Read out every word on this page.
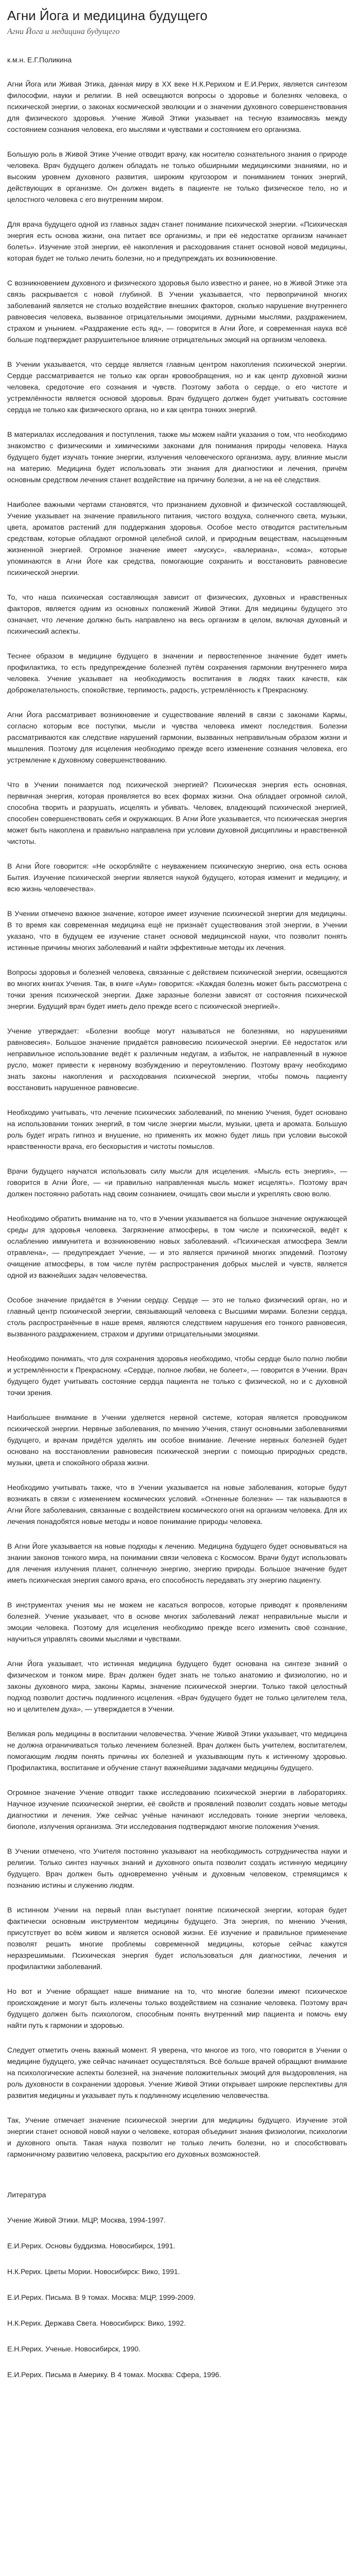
Агни Йога и медицина будущего
Агни Йога и медицина будущего
к.м.н. Е.Г.Поликина

Агни Йога или Живая Этика, данная миру в ХХ веке Н.К.Рерихом и Е.И.Рерих, является синтезом философии, науки и религии. В ней освещаются вопросы о здоровье и болезнях человека, о психической энергии, о законах космической эволюции и о значении духовного совершенствования для физического здоровья. Учение Живой Этики указывает на тесную взаимосвязь между состоянием сознания человека, его мыслями и чувствами и состоянием его организма.

Большую роль в Живой Этике Учение отводит врачу, как носителю сознательного знания о природе человека. Врач будущего должен обладать не только обширными медицинскими знаниями, но и высоким уровнем духовного развития, широким кругозором и пониманием тонких энергий, действующих в организме. Он должен видеть в пациенте не только физическое тело, но и целостного человека с его внутренним миром.

Для врача будущего одной из главных задач станет понимание психической энергии. «Психическая энергия есть основа жизни, она питает все организмы, и при её недостатке организм начинает болеть». Изучение этой энергии, её накопления и расходования станет основой новой медицины, которая будет не только лечить болезни, но и предупреждать их возникновение.

С возникновением духовного и физического здоровья было известно и ранее, но в Живой Этике эта связь раскрывается с новой глубиной. В Учении указывается, что первопричиной многих заболеваний является не столько воздействие внешних факторов, сколько нарушение внутреннего равновесия человека, вызванное отрицательными эмоциями, дурными мыслями, раздражением, страхом и унынием. «Раздражение есть яд», — говорится в Агни Йоге, и современная наука всё больше подтверждает разрушительное влияние отрицательных эмоций на организм человека.

В Учении указывается, что сердце является главным центром накопления психической энергии. Сердце рассматривается не только как орган кровообращения, но и как центр духовной жизни человека, средоточие его сознания и чувств. Поэтому забота о сердце, о его чистоте и устремлённости является основой здоровья. Врач будущего должен будет учитывать состояние сердца не только как физического органа, но и как центра тонких энергий.

В материалах исследования и поступления, также мы можем найти указания о том, что необходимо знакомство с физическими и химическими законами для понимания природы человека. Наука будущего будет изучать тонкие энергии, излучения человеческого организма, ауру, влияние мысли на материю. Медицина будет использовать эти знания для диагностики и лечения, причём основным средством лечения станет воздействие на причину болезни, а не на её следствия.

Наиболее важными чертами становятся, что признанием духовной и физической составляющей, Учение указывает на значение правильного питания, чистого воздуха, солнечного света, музыки, цвета, ароматов растений для поддержания здоровья. Особое место отводится растительным средствам, которые обладают огромной целебной силой, и природным веществам, насыщенным жизненной энергией. Огромное значение имеет «мускус», «валериана», «сома», которые упоминаются в Агни Йоге как средства, помогающие сохранить и восстановить равновесие психической энергии.

То, что наша психическая составляющая зависит от физических, духовных и нравственных факторов, является одним из основных положений Живой Этики. Для медицины будущего это означает, что лечение должно быть направлено на весь организм в целом, включая духовный и психический аспекты.

Теснее образом в медицине будущего в значении и первостепенное значение будет иметь профилактика, то есть предупреждение болезней путём сохранения гармонии внутреннего мира человека. Учение указывает на необходимость воспитания в людях таких качеств, как доброжелательность, спокойствие, терпимость, радость, устремлённость к Прекрасному.

Агни Йога рассматривает возникновение и существование явлений в связи с законами Кармы, согласно которым все поступки, мысли и чувства человека имеют последствия. Болезни рассматриваются как следствие нарушений гармонии, вызванных неправильным образом жизни и мышления. Поэтому для исцеления необходимо прежде всего изменение сознания человека, его устремление к духовному совершенствованию.

Что в Учении понимается под психической энергией? Психическая энергия есть основная, первичная энергия, которая проявляется во всех формах жизни. Она обладает огромной силой, способна творить и разрушать, исцелять и убивать. Человек, владеющий психической энергией, способен совершенствовать себя и окружающих. В Агни Йоге указывается, что психическая энергия может быть накоплена и правильно направлена при условии духовной дисциплины и нравственной чистоты.

В Агни Йоге говорится: «Не оскорбляйте с неуважением психическую энергию, она есть основа Бытия. Изучение психической энергии является наукой будущего, которая изменит и медицину, и всю жизнь человечества».

В Учении отмечено важное значение, которое имеет изучение психической энергии для медицины. В то время как современная медицина ещё не признаёт существования этой энергии, в Учении указано, что в будущем ее изучение станет основой медицинской науки, что позволит понять истинные причины многих заболеваний и найти эффективные методы их лечения.

Вопросы здоровья и болезней человека, связанные с действием психической энергии, освещаются во многих книгах Учения. Так, в книге «Аум» говорится: «Каждая болезнь может быть рассмотрена с точки зрения психической энергии. Даже заразные болезни зависят от состояния психической энергии. Будущий врач будет иметь дело прежде всего с психической энергией».

Учение утверждает: «Болезни вообще могут называться не болезнями, но нарушениями равновесия». Большое значение придаётся равновесию психической энергии. Её недостаток или неправильное использование ведёт к различным недугам, а избыток, не направленный в нужное русло, может привести к нервному возбуждению и переутомлению. Поэтому врачу необходимо знать законы накопления и расходования психической энергии, чтобы помочь пациенту восстановить нарушенное равновесие.

Необходимо учитывать, что лечение психических заболеваний, по мнению Учения, будет основано на использовании тонких энергий, в том числе энергии мысли, музыки, цвета и аромата. Большую роль будет играть гипноз и внушение, но применять их можно будет лишь при условии высокой нравственности врача, его бескорыстия и чистоты помыслов.

Врачи будущего научатся использовать силу мысли для исцеления. «Мысль есть энергия», — говорится в Агни Йоге, — «и правильно направленная мысль может исцелять». Поэтому врач должен постоянно работать над своим сознанием, очищать свои мысли и укреплять свою волю.

Необходимо обратить внимание на то, что в Учении указывается на большое значение окружающей среды для здоровья человека. Загрязнение атмосферы, в том числе и психической, ведёт к ослаблению иммунитета и возникновению новых заболеваний. «Психическая атмосфера Земли отравлена», — предупреждает Учение, — и это является причиной многих эпидемий. Поэтому очищение атмосферы, в том числе путём распространения добрых мыслей и чувств, является одной из важнейших задач человечества.

Особое значение придаётся в Учении сердцу. Сердце — это не только физический орган, но и главный центр психической энергии, связывающий человека с Высшими мирами. Болезни сердца, столь распространённые в наше время, являются следствием нарушения его тонкого равновесия, вызванного раздражением, страхом и другими отрицательными эмоциями.

Необходимо понимать, что для сохранения здоровья необходимо, чтобы сердце было полно любви и устремлённости к Прекрасному. «Сердце, полное любви, не болеет», — говорится в Учении. Врач будущего будет учитывать состояние сердца пациента не только с физической, но и с духовной точки зрения.

Наибольшее внимание в Учении уделяется нервной системе, которая является проводником психической энергии. Нервные заболевания, по мнению Учения, станут основными заболеваниями будущего, и врачам придётся уделять им особое внимание. Лечение нервных болезней будет основано на восстановлении равновесия психической энергии с помощью природных средств, музыки, цвета и спокойного образа жизни.

Необходимо учитывать также, что в Учении указывается на новые заболевания, которые будут возникать в связи с изменением космических условий. «Огненные болезни» — так называются в Агни Йоге заболевания, связанные с воздействием космического огня на организм человека. Для их лечения понадобятся новые методы и новое понимание природы человека.

В Агни Йоге указывается на новые подходы к лечению. Медицина будущего будет основываться на знании законов тонкого мира, на понимании связи человека с Космосом. Врачи будут использовать для лечения излучения планет, солнечную энергию, энергию природы. Большое значение будет иметь психическая энергия самого врача, его способность передавать эту энергию пациенту.

В инструментах учения мы не можем не касаться вопросов, которые приводят к проявлениям болезней. Учение указывает, что в основе многих заболеваний лежат неправильные мысли и эмоции человека. Поэтому для исцеления необходимо прежде всего изменить своё сознание, научиться управлять своими мыслями и чувствами.

Агни Йога указывает, что истинная медицина будущего будет основана на синтезе знаний о физическом и тонком мире. Врач должен будет знать не только анатомию и физиологию, но и законы духовного мира, законы Кармы, значение психической энергии. Только такой целостный подход позволит достичь подлинного исцеления. «Врач будущего будет не только целителем тела, но и целителем духа», — утверждается в Учении.

Великая роль медицины в воспитании человечества. Учение Живой Этики указывает, что медицина не должна ограничиваться только лечением болезней. Врач должен быть учителем, воспитателем, помогающим людям понять причины их болезней и указывающим путь к истинному здоровью. Профилактика, воспитание и обучение станут важнейшими задачами медицины будущего.

Огромное значение Учение отводит также исследованию психической энергии в лабораториях. Научное изучение психической энергии, её свойств и проявлений позволит создать новые методы диагностики и лечения. Уже сейчас учёные начинают исследовать тонкие энергии человека, биополе, излучения организма. Эти исследования подтверждают многие положения Учения.

В Учении отмечено, что Учителя постоянно указывают на необходимость сотрудничества науки и религии. Только синтез научных знаний и духовного опыта позволит создать истинную медицину будущего. Врач должен быть одновременно учёным и духовным человеком, стремящимся к познанию истины и служению людям.

В истинном Учении на первый план выступает понятие психической энергии, которая будет фактически основным инструментом медицины будущего. Эта энергия, по мнению Учения, присутствует во всём живом и является основой жизни. Её изучение и правильное применение позволят решить многие проблемы современной медицины, которые сейчас кажутся неразрешимыми. Психическая энергия будет использоваться для диагностики, лечения и профилактики заболеваний.

Но вот и Учение обращает наше внимание на то, что многие болезни имеют психическое происхождение и могут быть излечены только воздействием на сознание человека. Поэтому врач будущего должен быть психологом, способным понять внутренний мир пациента и помочь ему найти путь к гармонии и здоровью.

Следует отметить очень важный момент. Я уверена, что многое из того, что говорится в Учении о медицине будущего, уже сейчас начинает осуществляться. Всё больше врачей обращают внимание на психологические аспекты болезней, на значение положительных эмоций для выздоровления, на роль духовности в сохранении здоровья. Учение Живой Этики открывает широкие перспективы для развития медицины и указывает путь к подлинному исцелению человечества.

Так, Учение отмечает значение психической энергии для медицины будущего. Изучение этой энергии станет основой новой науки о человеке, которая объединит знания физиологии, психологии и духовного опыта. Такая наука позволит не только лечить болезни, но и способствовать гармоничному развитию человека, раскрытию его духовных возможностей.

Литература
Учение Живой Этики. МЦР, Москва, 1994-1997.
Е.И.Рерих. Основы буддизма. Новосибирск, 1991.
Н.К.Рерих. Цветы Мории. Новосибирск: Вико, 1991.
Е.И.Рерих. Письма. В 9 томах. Москва: МЦР, 1999-2009.
Н.К.Рерих. Держава Света. Новосибирск: Вико, 1992.
Е.Н.Рерих. Ученые. Новосибирск, 1990.
Е.И.Рерих. Письма в Америку. В 4 томах. Москва: Сфера, 1996.
